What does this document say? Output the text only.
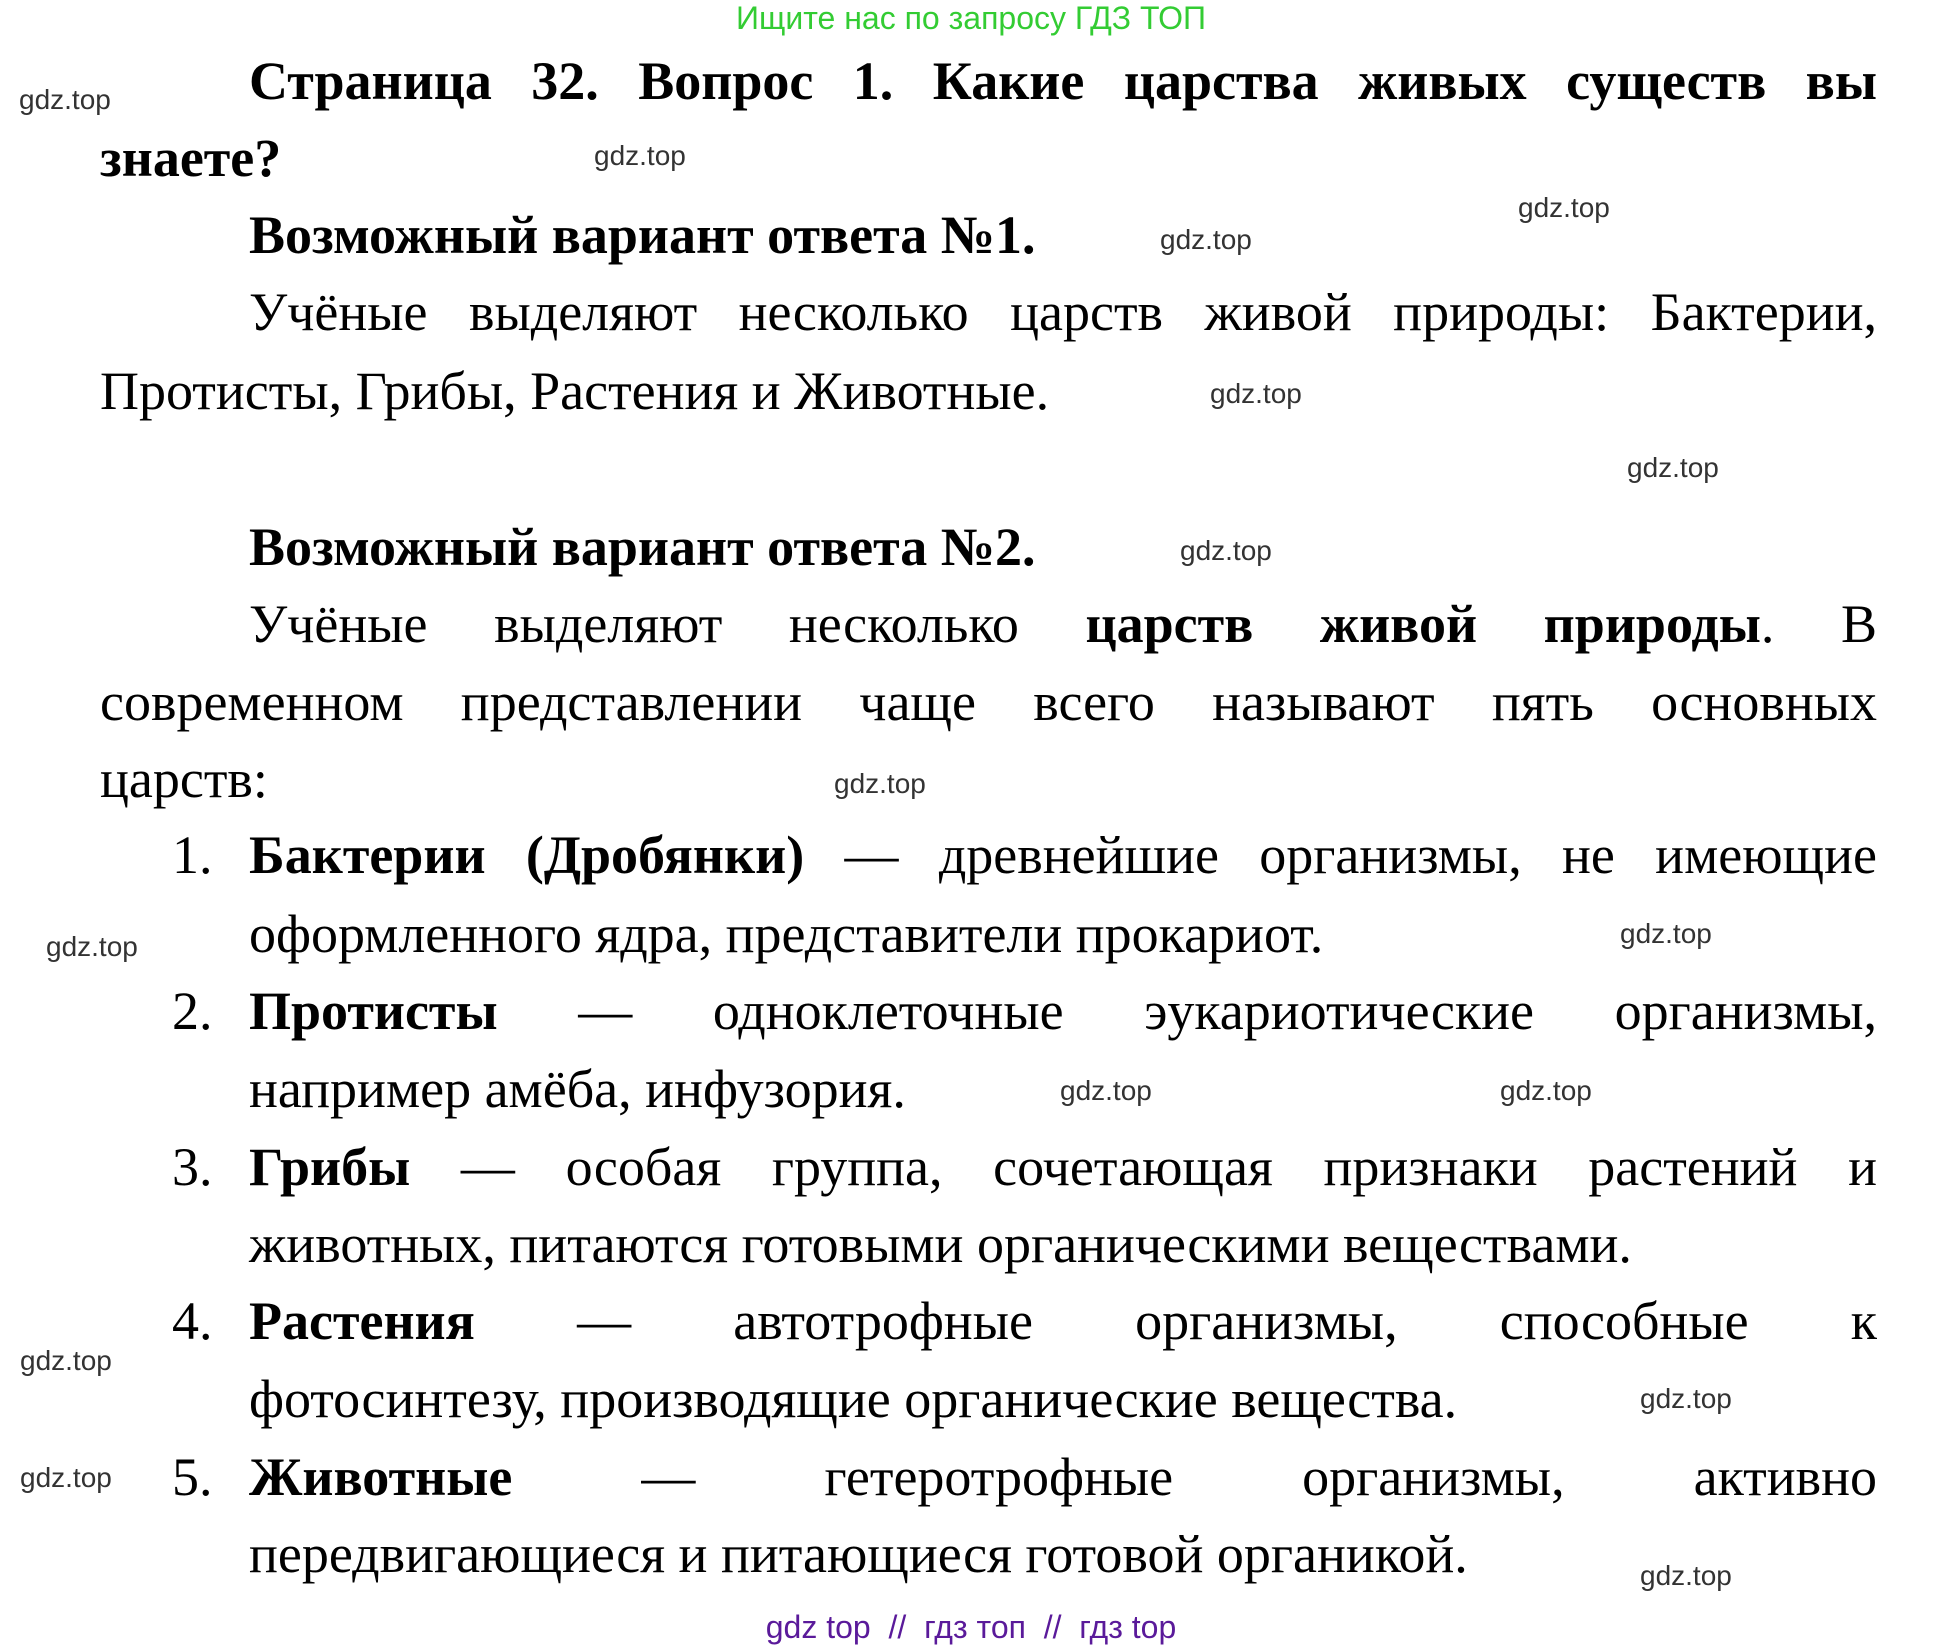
Ищите нас по запросу ГДЗ ТОП
Страница 32. Вопрос 1. Какие царства живых существ вы
знаете?
Возможный вариант ответа №1.
Учёные выделяют несколько царств живой природы: Бактерии,
Протисты, Грибы, Растения и Животные.
Возможный вариант ответа №2.
Учёные выделяют несколько царств живой природы. В
современном представлении чаще всего называют пять основных
царств:
1. Бактерии (Дробянки) — древнейшие организмы, не имеющие
оформленного ядра, представители прокариот.
2. Протисты — одноклеточные эукариотические организмы,
например амёба, инфузория.
3. Грибы — особая группа, сочетающая признаки растений и
животных, питаются готовыми органическими веществами.
4. Растения — автотрофные организмы, способные к
фотосинтезу, производящие органические вещества.
5. Животные — гетеротрофные организмы, активно
передвигающиеся и питающиеся готовой органикой.
gdz.top
gdz.top
gdz.top
gdz.top
gdz.top
gdz.top
gdz.top
gdz.top
gdz.top
gdz.top
gdz.top	gdz.top
gdz.top
gdz.top
gdz.top
gdz.top
gdz top  //  гдз топ  //  гдз top
